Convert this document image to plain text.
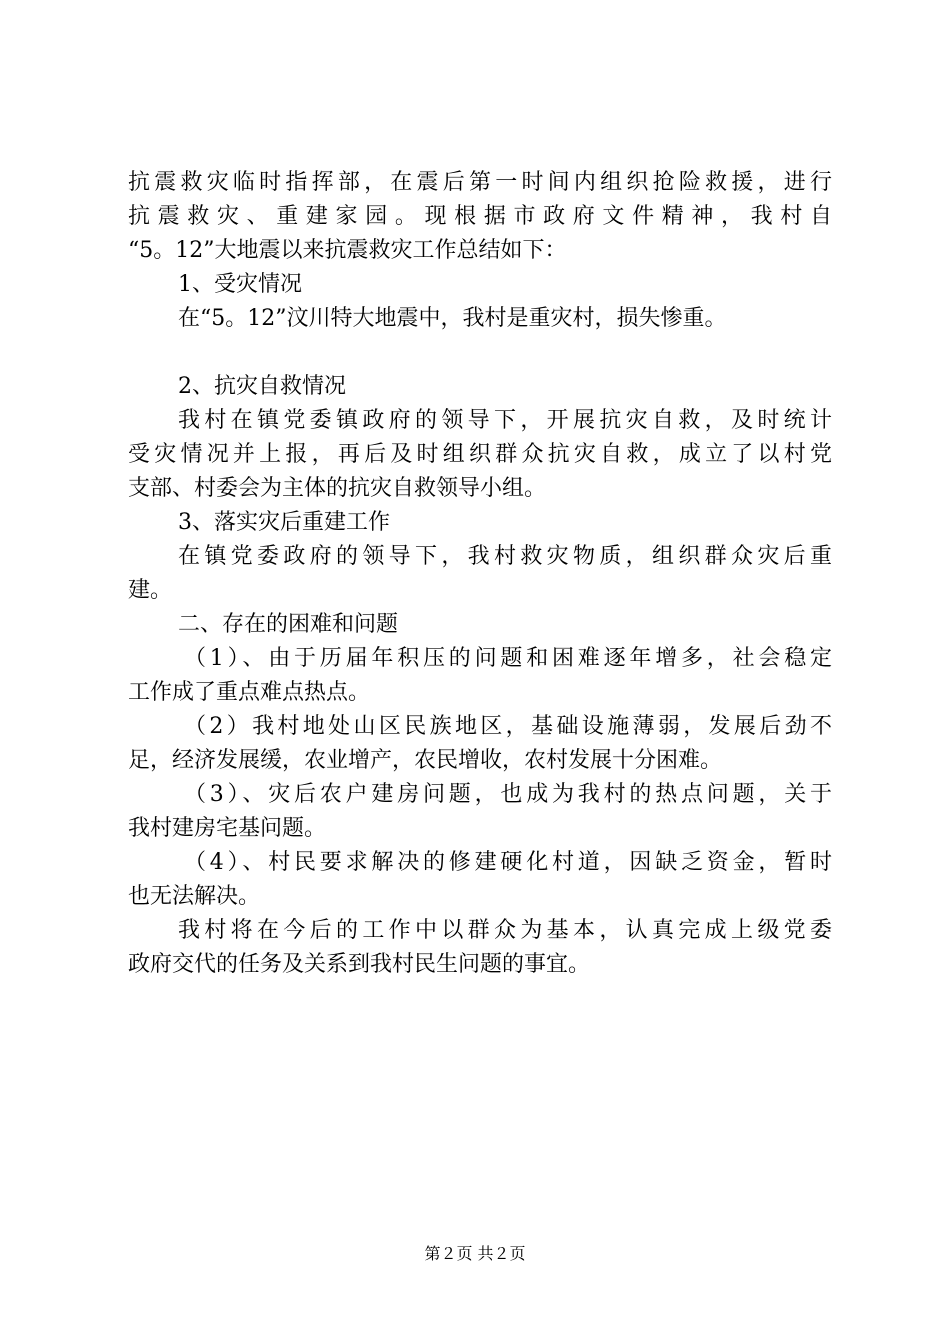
抗震救灾临时指挥部，在震后第一时间内组织抢险救援，进行
抗震救灾、重建家园。现根据市政府文件精神，我村自
“5。12”大地震以来抗震救灾工作总结如下：
1、受灾情况
在“5。12”汶川特大地震中，我村是重灾村，损失惨重。
2、抗灾自救情况
我村在镇党委镇政府的领导下，开展抗灾自救，及时统计
受灾情况并上报，再后及时组织群众抗灾自救，成立了以村党
支部、村委会为主体的抗灾自救领导小组。
3、落实灾后重建工作
在镇党委政府的领导下，我村救灾物质，组织群众灾后重
建。
二、存在的困难和问题
（1）、由于历届年积压的问题和困难逐年增多，社会稳定
工作成了重点难点热点。
（2）我村地处山区民族地区，基础设施薄弱，发展后劲不
足，经济发展缓，农业增产，农民增收，农村发展十分困难。
（3）、灾后农户建房问题，也成为我村的热点问题，关于
我村建房宅基问题。
（4）、村民要求解决的修建硬化村道，因缺乏资金，暂时
也无法解决。
我村将在今后的工作中以群众为基本，认真完成上级党委
政府交代的任务及关系到我村民生问题的事宜。
第２页 共２页
